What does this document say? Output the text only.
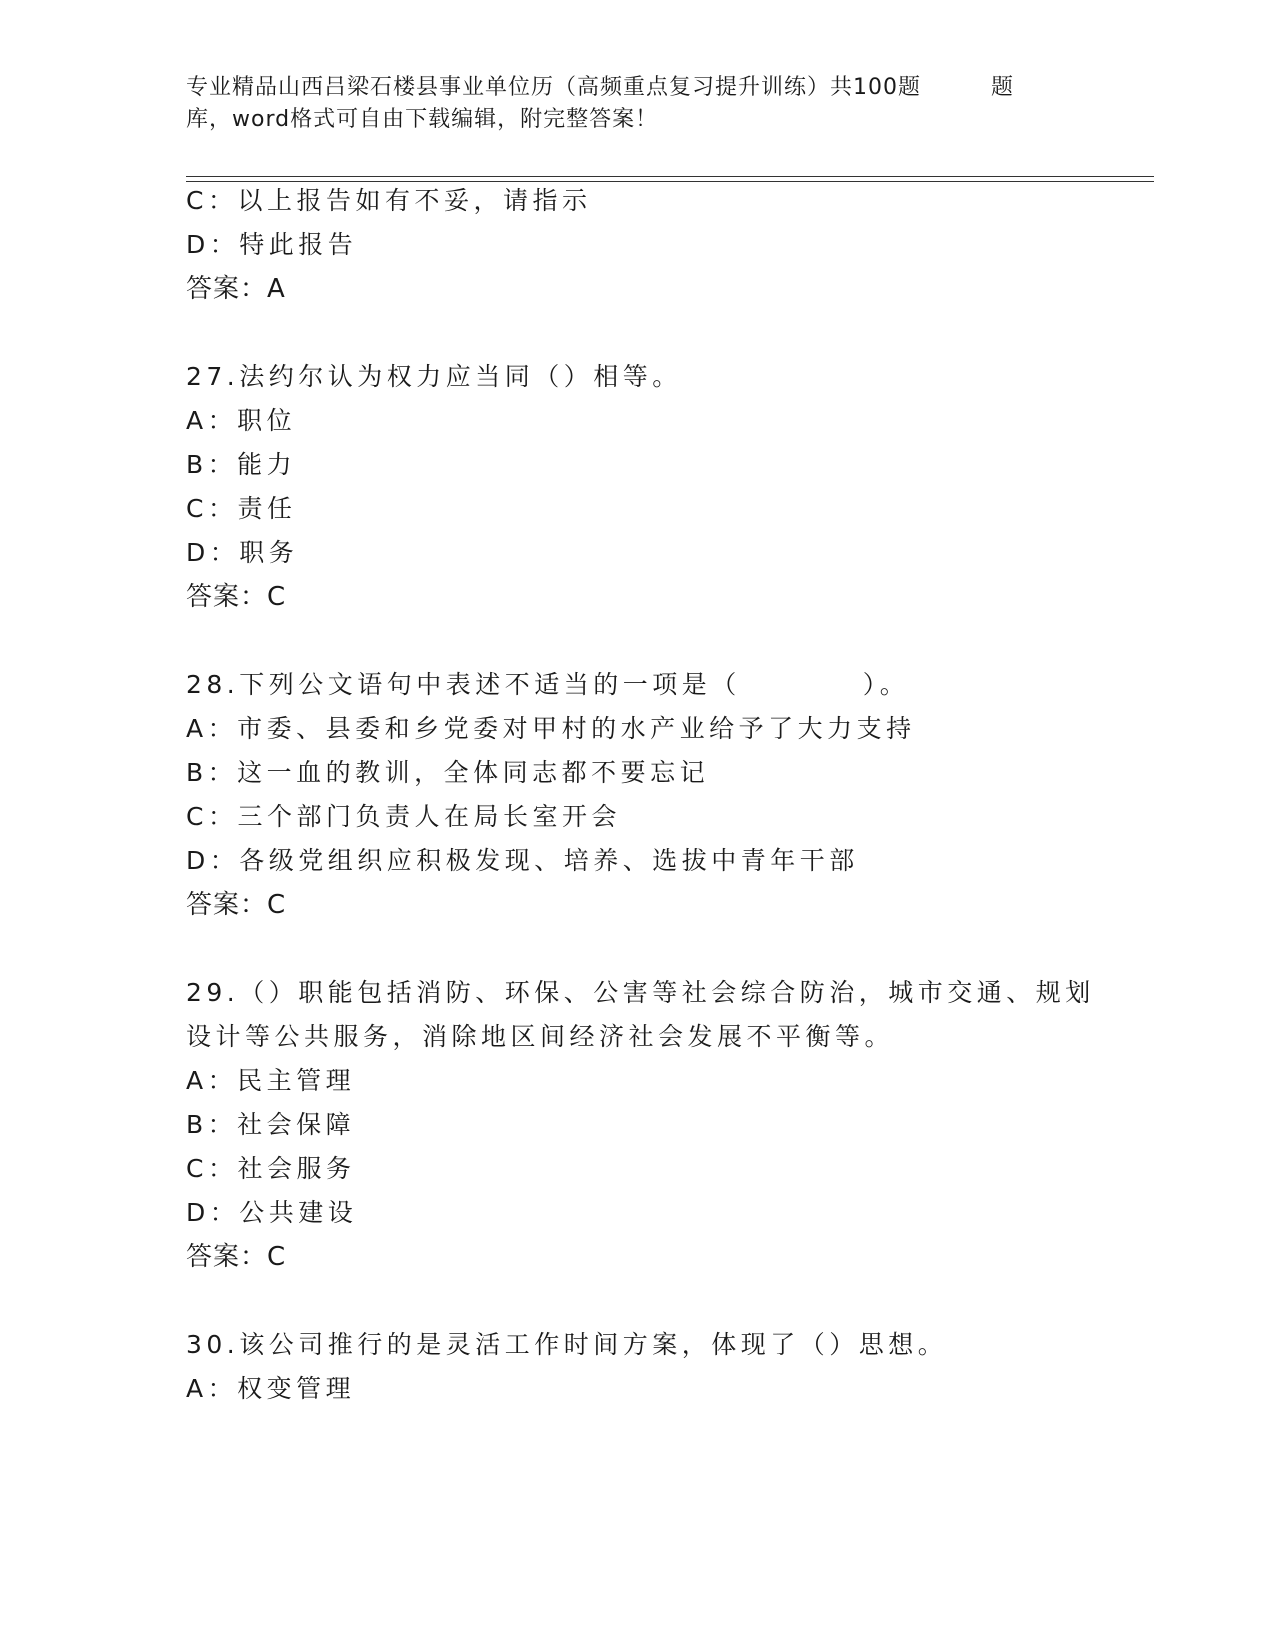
专业精品山西吕梁石楼县事业单位历（高频重点复习提升训练）共100题	题
库，word格式可自由下载编辑，附完整答案！
C：以上报告如有不妥，请指示
D：特此报告
答案：A
27.法约尔认为权力应当同（）相等。
A：职位
B：能力
C：责任
D：职务
答案：C
28.下列公文语句中表述不适当的一项是（	）。
A：市委、县委和乡党委对甲村的水产业给予了大力支持
B：这一血的教训，全体同志都不要忘记
C：三个部门负责人在局长室开会
D：各级党组织应积极发现、培养、选拔中青年干部
答案：C
29.（）职能包括消防、环保、公害等社会综合防治，城市交通、规划
设计等公共服务，消除地区间经济社会发展不平衡等。
A：民主管理
B：社会保障
C：社会服务
D：公共建设
答案：C
30.该公司推行的是灵活工作时间方案，体现了（）思想。
A：权变管理
